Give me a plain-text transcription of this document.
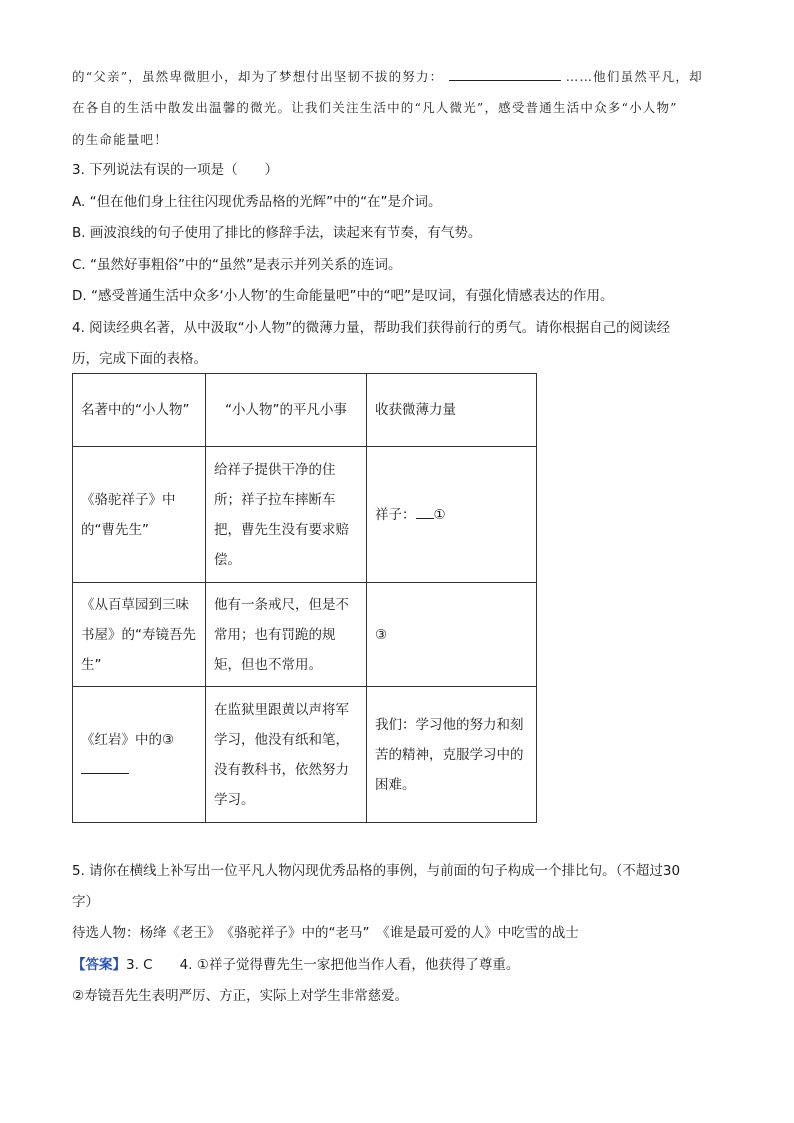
的“父亲”，虽然卑微胆小，却为了梦想付出坚韧不拔的努力：	……他们虽然平凡，却
在各自的生活中散发出温馨的微光。让我们关注生活中的“凡人微光”，感受普通生活中众多“小人物”
的生命能量吧！
3. 下列说法有误的一项是（　　）
A. “但在他们身上往往闪现优秀品格的光辉”中的“在”是介词。
B. 画波浪线的句子使用了排比的修辞手法，读起来有节奏，有气势。
C. “虽然好事粗俗”中的“虽然”是表示并列关系的连词。
D. “感受普通生活中众多‘小人物’的生命能量吧”中的“吧”是叹词，有强化情感表达的作用。
4. 阅读经典名著，从中汲取“小人物”的微薄力量，帮助我们获得前行的勇气。请你根据自己的阅读经
历，完成下面的表格。
名著中的“小人物”	“小人物”的平凡小事	收获微薄力量
《骆驼祥子》中的“曹先生”	给祥子提供干净的住所；祥子拉车摔断车把，曹先生没有要求赔偿。	祥子： ①
《从百草园到三味书屋》的“寿镜吾先生”	他有一条戒尺，但是不常用；也有罚跪的规矩，但也不常用。	③
《红岩》中的③	在监狱里跟黄以声将军学习，他没有纸和笔，没有教科书，依然努力学习。	我们：学习他的努力和刻苦的精神，克服学习中的困难。
5. 请你在横线上补写出一位平凡人物闪现优秀品格的事例，与前面的句子构成一个排比句。（不超过30
字）
待选人物：杨绛《老王》　《骆驼祥子》中的“老马”　《谁是最可爱的人》中吃雪的战士
【答案】3. C　　4. ①祥子觉得曹先生一家把他当作人看，他获得了尊重。
②寿镜吾先生表明严厉、方正，实际上对学生非常慈爱。
